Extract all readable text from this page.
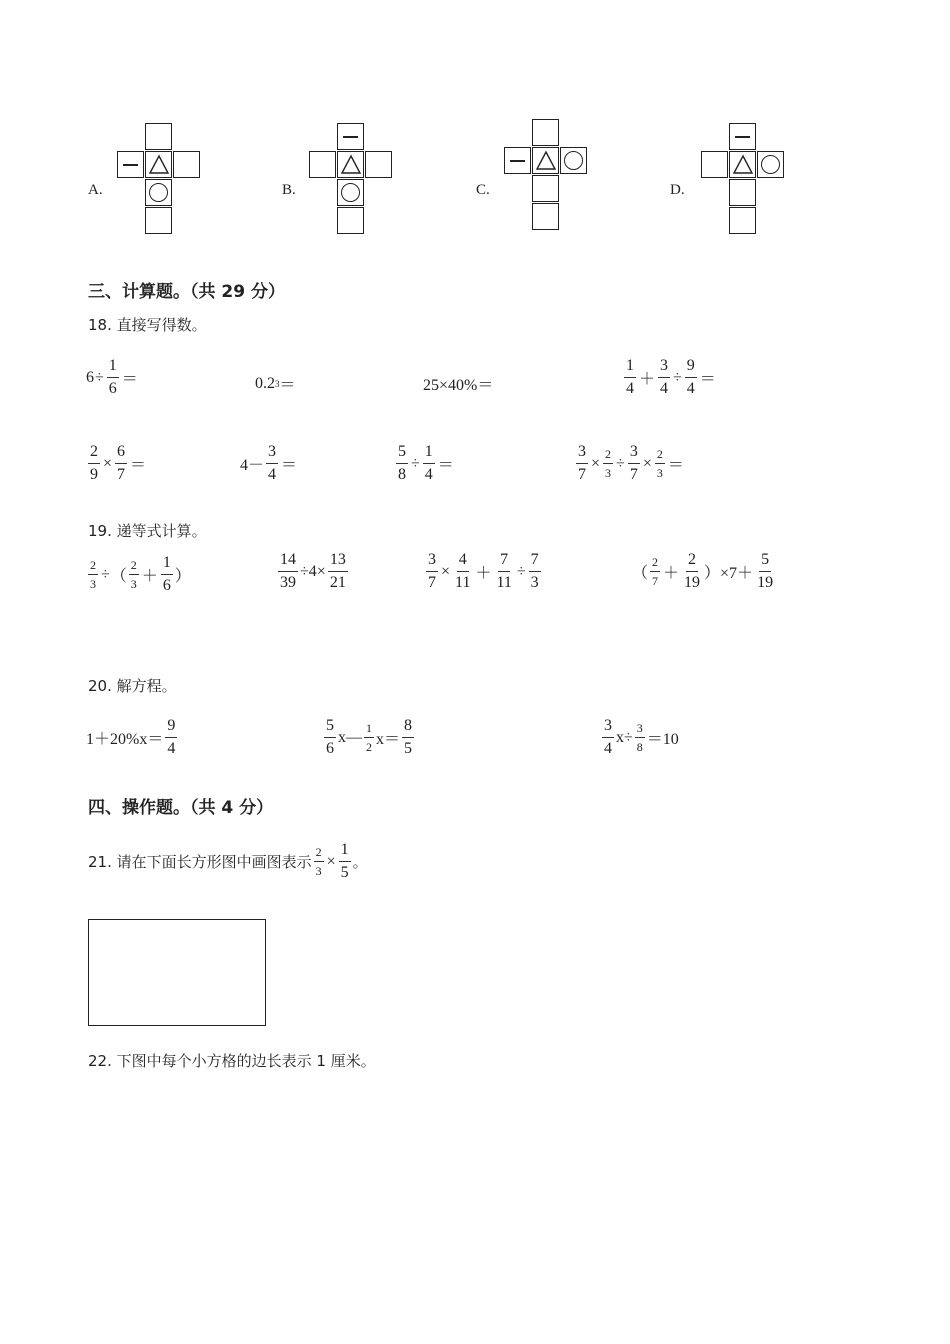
A.	B.	C.	D.
三、计算题。（共 29 分）
18. 直接写得数。
$6 \div \frac{1}{6}$ ＝	0.2 3 ＝	25×40%＝	$\frac{1}{4} + \frac{3}{4} \div \frac{9}{4}$ ＝
$\frac{2}{9} \times \frac{6}{7}$ ＝	$4- \frac{3}{4}$ ＝	$\frac{5}{8} \div \frac{1}{4}$ ＝	$\frac{3}{7} \times \frac{2}{3} \div \frac{3}{7} \times \frac{2}{3}$ ＝
19. 递等式计算。
$\frac{2}{3}$ ÷ （ $\frac{2}{3} + \frac{1}{6}$ ）	$\frac{14}{39} \div 4\times \frac{13}{21}$	$\frac{3}{7} \times \frac{4}{11} + \frac{7}{11} \div \frac{7}{3}$	（ $\frac{2}{7} + \frac{2}{19} )\times 7+ \frac{5}{19}$
20. 解方程。
$1+20\%x= \frac{9}{4}$	$\frac{5}{6}$ x— $\frac{1}{2} x= \frac{8}{5}$	$\frac{3}{4} x\div \frac{3}{8} =10$
四、操作题。（共 4 分）
21. 请在下面长方形图中画图表示 $\frac{2}{3} \times \frac{1}{5}$ 。
22. 下图中每个小方格的边长表示 1 厘米。
